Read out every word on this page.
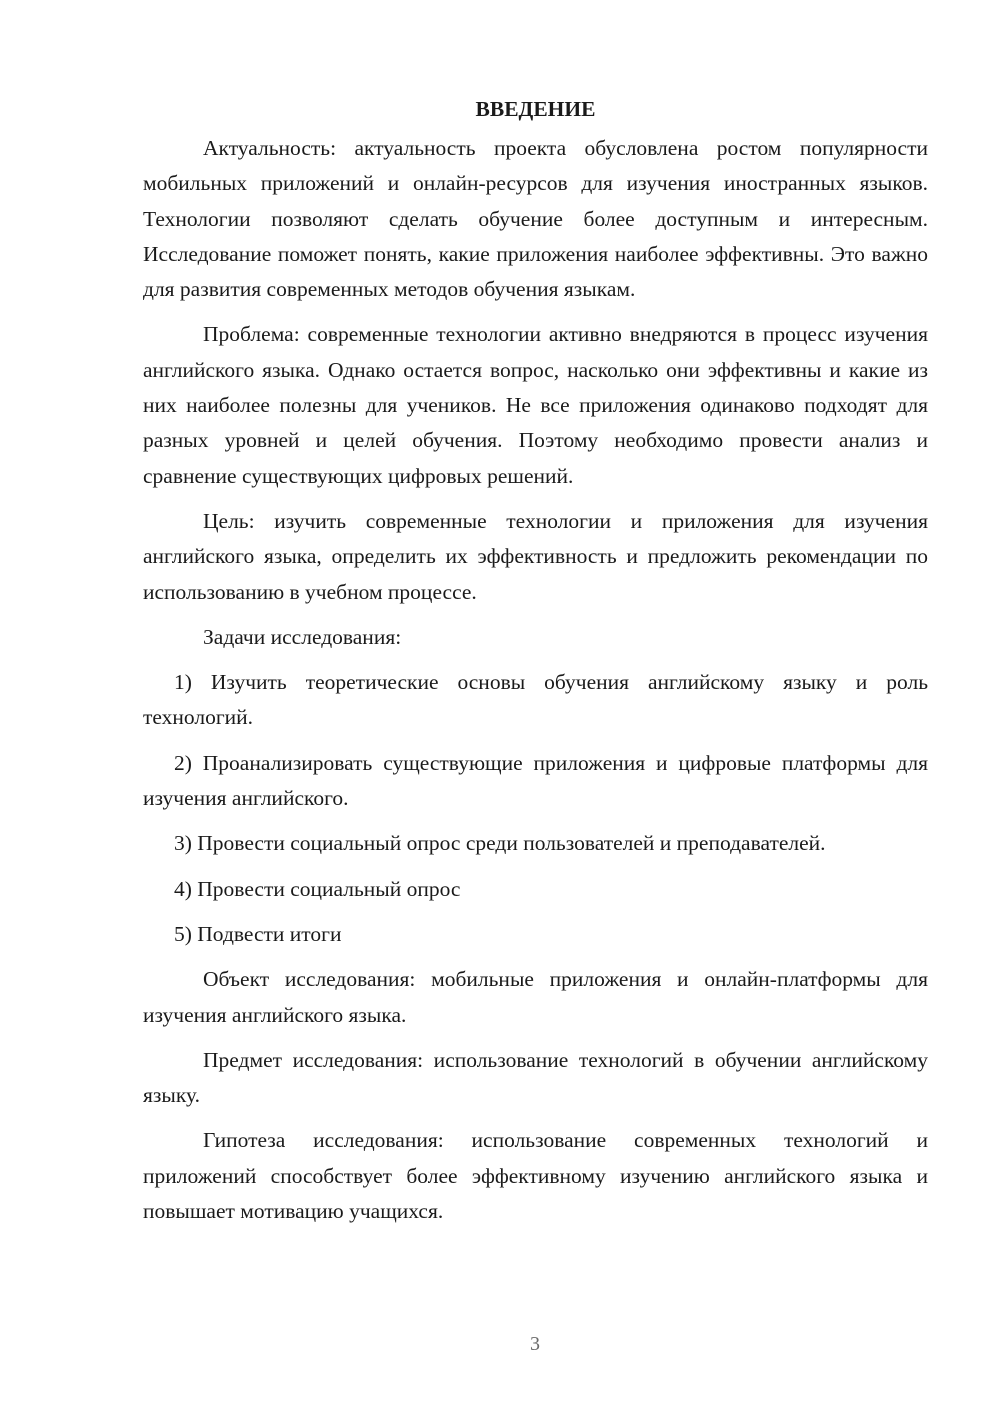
ВВЕДЕНИЕ

Актуальность: актуальность проекта обусловлена ростом популярности мобильных приложений и онлайн-ресурсов для изучения иностранных языков. Технологии позволяют сделать обучение более доступным и интересным. Исследование поможет понять, какие приложения наиболее эффективны. Это важно для развития современных методов обучения языкам.

Проблема: современные технологии активно внедряются в процесс изучения английского языка. Однако остается вопрос, насколько они эффективны и какие из них наиболее полезны для учеников. Не все приложения одинаково подходят для разных уровней и целей обучения. Поэтому необходимо провести анализ и сравнение существующих цифровых решений.

Цель: изучить современные технологии и приложения для изучения английского языка, определить их эффективность и предложить рекомендации по использованию в учебном процессе.

Задачи исследования:

1) Изучить теоретические основы обучения английскому языку и роль технологий.

2) Проанализировать существующие приложения и цифровые платформы для изучения английского.

3) Провести социальный опрос среди пользователей и преподавателей.

4) Провести социальный опрос

5) Подвести итоги

Объект исследования: мобильные приложения и онлайн-платформы для изучения английского языка.

Предмет исследования: использование технологий в обучении английскому языку.

Гипотеза исследования: использование современных технологий и приложений способствует более эффективному изучению английского языка и повышает мотивацию учащихся.

3
